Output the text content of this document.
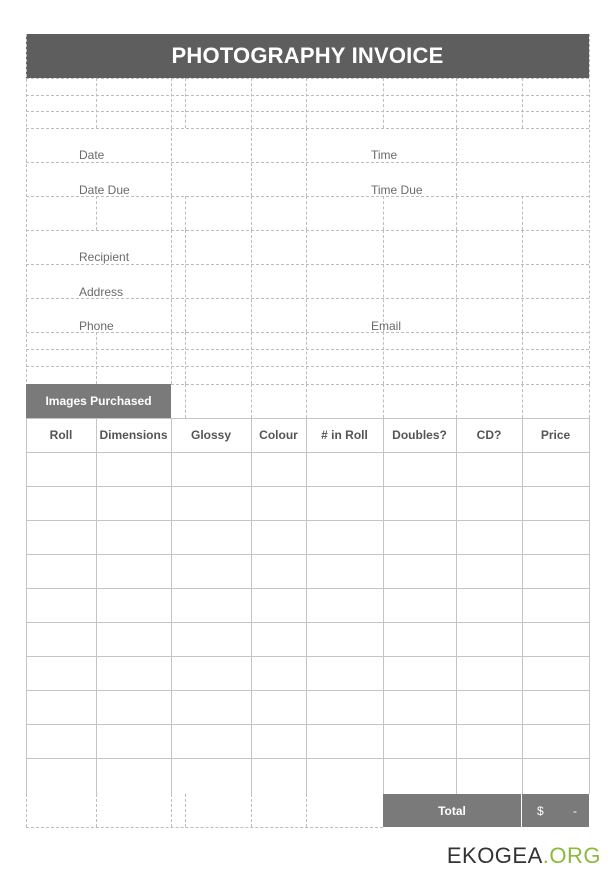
PHOTOGRAPHY INVOICE
Date	Time
Date Due	Time Due
Recipient
Address
Phone	Email
Images Purchased
Roll	Dimensions	Glossy	Colour	# in Roll	Doubles?	CD?	Price
Total	$ -
EKOGEA.ORG
